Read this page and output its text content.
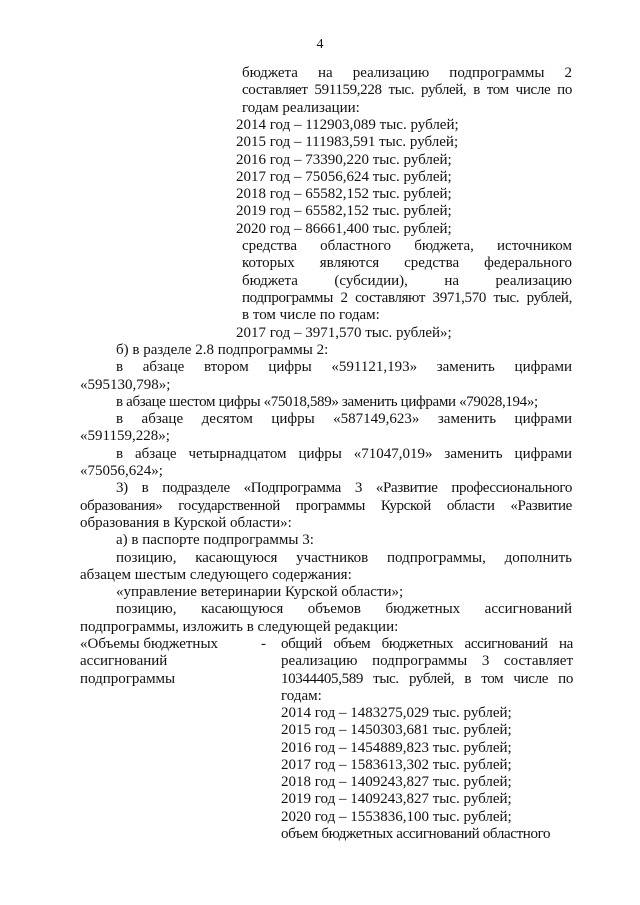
4

бюджета на реализацию подпрограммы 2

составляет 591159,228 тыс. рублей, в том числе по

годам реализации:

2014 год – 112903,089 тыс. рублей;

2015 год – 111983,591 тыс. рублей;

2016 год – 73390,220 тыс. рублей;

2017 год – 75056,624 тыс. рублей;

2018 год – 65582,152 тыс. рублей;

2019 год – 65582,152 тыс. рублей;

2020 год – 86661,400 тыс. рублей;

средства областного бюджета, источником

которых являются средства федерального

бюджета (субсидии), на реализацию

подпрограммы 2 составляют 3971,570 тыс. рублей,

в том числе по годам:

2017 год – 3971,570 тыс. рублей»;

б) в разделе 2.8 подпрограммы 2:

в абзаце втором цифры «591121,193» заменить цифрами

«595130,798»;

в абзаце шестом цифры «75018,589» заменить цифрами «79028,194»;

в абзаце десятом цифры «587149,623» заменить цифрами

«591159,228»;

в абзаце четырнадцатом цифры «71047,019» заменить цифрами

«75056,624»;

3) в подразделе «Подпрограмма 3 «Развитие профессионального

образования» государственной программы Курской области «Развитие

образования в Курской области»:

а) в паспорте подпрограммы 3:

позицию, касающуюся участников подпрограммы, дополнить

абзацем шестым следующего содержания:

«управление ветеринарии Курской области»;

позицию, касающуюся объемов бюджетных ассигнований

подпрограммы, изложить в следующей редакции:

«Объемы бюджетных

ассигнований

подпрограммы

-	общий объем бюджетных ассигнований на

реализацию подпрограммы 3 составляет

10344405,589 тыс. рублей, в том числе по

годам:

2014 год – 1483275,029 тыс. рублей;

2015 год – 1450303,681 тыс. рублей;

2016 год – 1454889,823 тыс. рублей;

2017 год – 1583613,302 тыс. рублей;

2018 год – 1409243,827 тыс. рублей;

2019 год – 1409243,827 тыс. рублей;

2020 год – 1553836,100 тыс. рублей;

объем бюджетных ассигнований областного
